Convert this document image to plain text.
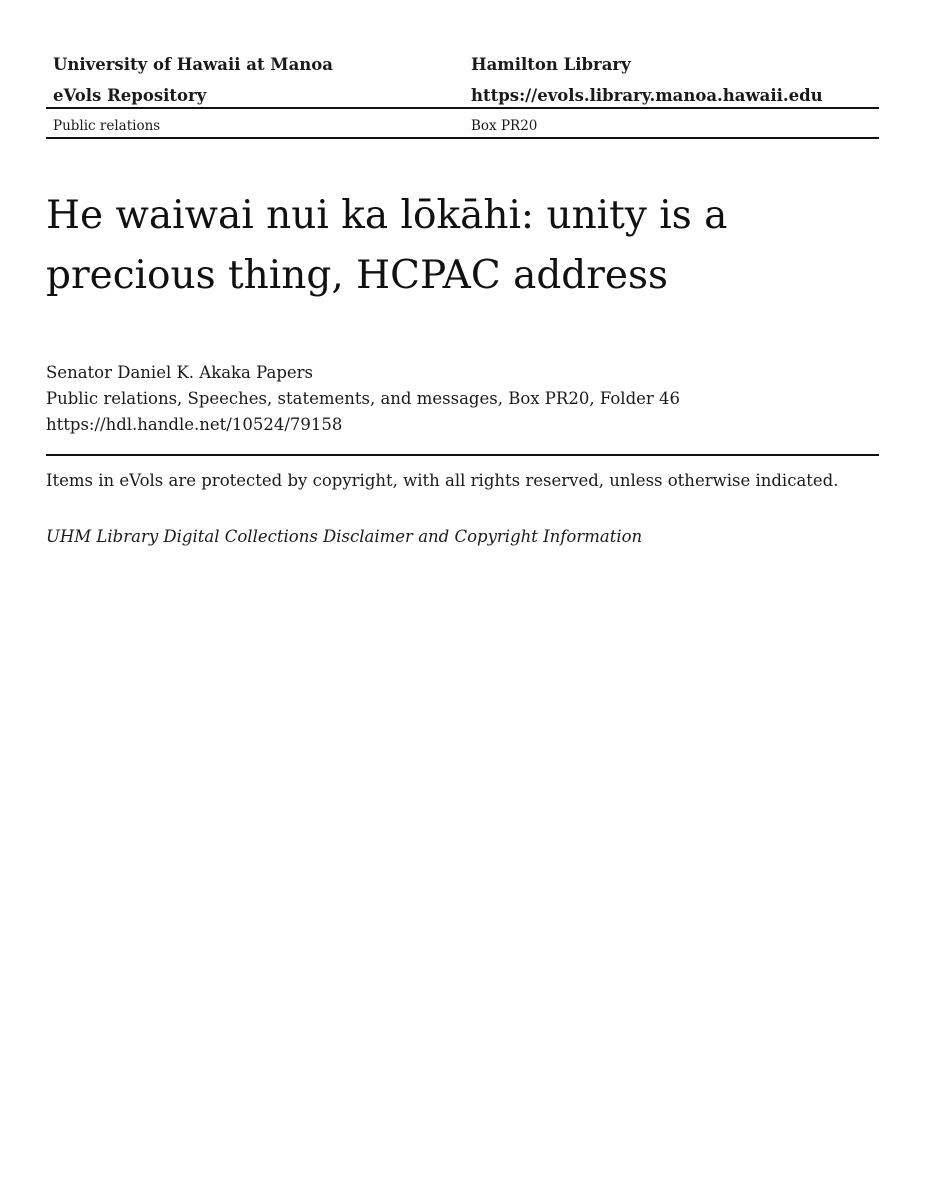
University of Hawaii at Manoa	Hamilton Library
eVols Repository	https://evols.library.manoa.hawaii.edu
Public relations	Box PR20
He waiwai nui ka lōkāhi: unity is a precious thing, HCPAC address
Senator Daniel K. Akaka Papers
Public relations, Speeches, statements, and messages, Box PR20, Folder 46
https://hdl.handle.net/10524/79158
Items in eVols are protected by copyright, with all rights reserved, unless otherwise indicated.
UHM Library Digital Collections Disclaimer and Copyright Information
